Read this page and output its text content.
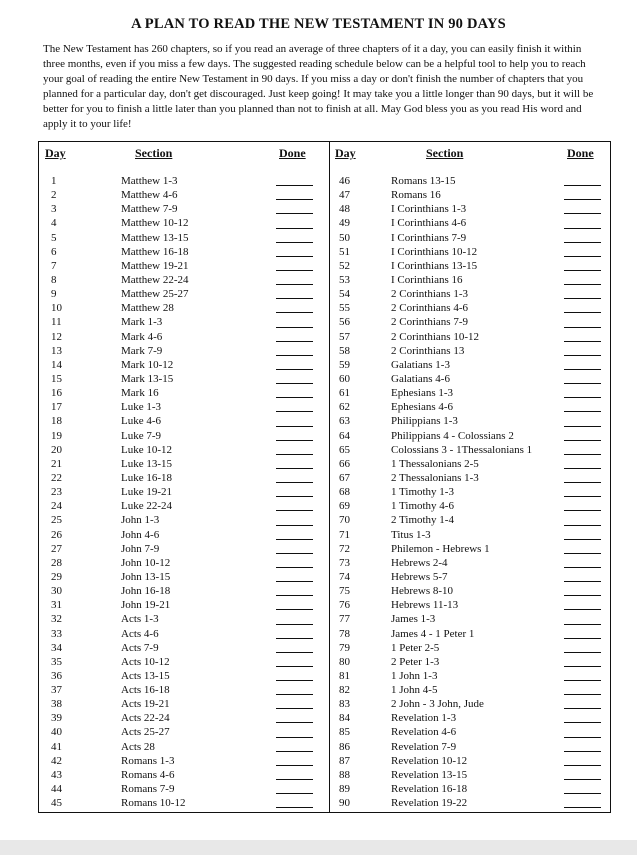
A PLAN TO READ THE NEW TESTAMENT IN 90 DAYS
The New Testament has 260 chapters, so if you read an average of three chapters of it a day, you can easily finish it within three months, even if you miss a few days. The suggested reading schedule below can be a helpful tool to help you to reach your goal of reading the entire New Testament in 90 days. If you miss a day or don't finish the number of chapters that you planned for a particular day, don't get discouraged. Just keep going! It may take you a little longer than 90 days, but it will be better for you to finish a little later than you planned than not to finish at all. May God bless you as you read His word and apply it to your life!
Day	Section	Done
1	Matthew 1-3
2	Matthew 4-6
3	Matthew 7-9
4	Matthew 10-12
5	Matthew 13-15
6	Matthew 16-18
7	Matthew 19-21
8	Matthew 22-24
9	Matthew 25-27
10	Matthew 28
11	Mark 1-3
12	Mark 4-6
13	Mark 7-9
14	Mark 10-12
15	Mark 13-15
16	Mark 16
17	Luke 1-3
18	Luke 4-6
19	Luke 7-9
20	Luke 10-12
21	Luke 13-15
22	Luke 16-18
23	Luke 19-21
24	Luke 22-24
25	John 1-3
26	John 4-6
27	John 7-9
28	John 10-12
29	John 13-15
30	John 16-18
31	John 19-21
32	Acts 1-3
33	Acts 4-6
34	Acts 7-9
35	Acts 10-12
36	Acts 13-15
37	Acts 16-18
38	Acts 19-21
39	Acts 22-24
40	Acts 25-27
41	Acts 28
42	Romans 1-3
43	Romans 4-6
44	Romans 7-9
45	Romans 10-12
Day	Section	Done
46	Romans 13-15
47	Romans 16
48	I Corinthians 1-3
49	I Corinthians 4-6
50	I Corinthians 7-9
51	I Corinthians 10-12
52	I Corinthians 13-15
53	I Corinthians 16
54	2 Corinthians 1-3
55	2 Corinthians 4-6
56	2 Corinthians 7-9
57	2 Corinthians 10-12
58	2 Corinthians 13
59	Galatians 1-3
60	Galatians 4-6
61	Ephesians 1-3
62	Ephesians 4-6
63	Philippians 1-3
64	Philippians 4 - Colossians 2
65	Colossians 3 - 1Thessalonians 1
66	1 Thessalonians 2-5
67	2 Thessalonians 1-3
68	1 Timothy 1-3
69	1 Timothy 4-6
70	2 Timothy 1-4
71	Titus 1-3
72	Philemon - Hebrews 1
73	Hebrews 2-4
74	Hebrews 5-7
75	Hebrews 8-10
76	Hebrews 11-13
77	James 1-3
78	James 4 - 1 Peter 1
79	1 Peter 2-5
80	2 Peter 1-3
81	1 John 1-3
82	1 John 4-5
83	2 John - 3 John, Jude
84	Revelation 1-3
85	Revelation 4-6
86	Revelation 7-9
87	Revelation 10-12
88	Revelation 13-15
89	Revelation 16-18
90	Revelation 19-22
